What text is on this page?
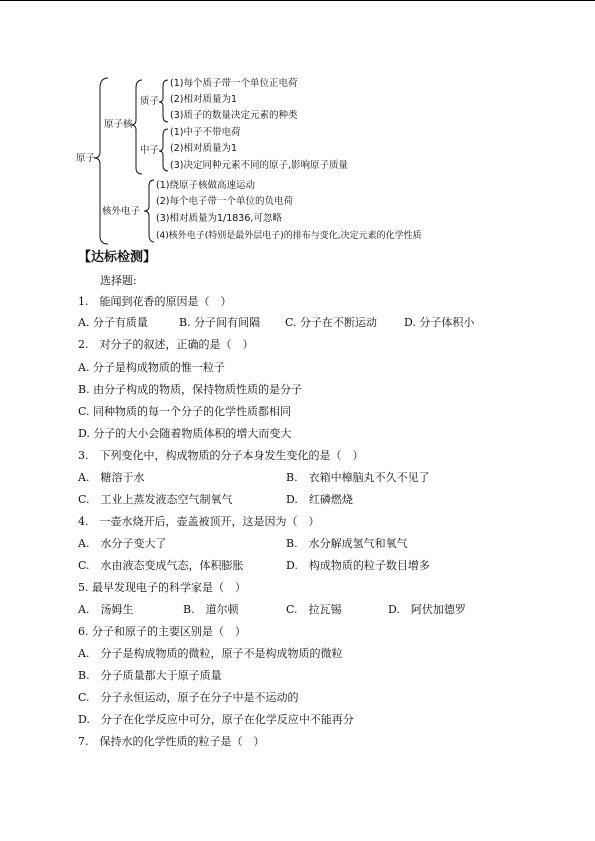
原子
原子核
质子
中子
核外电子
(1)每个质子带一个单位正电荷
(2)相对质量为1
(3)质子的数量决定元素的种类
(1)中子不带电荷
(2)相对质量为1
(3)决定同种元素不同的原子,影响原子质量
(1)绕原子核做高速运动
(2)每个电子带一个单位的负电荷
(3)相对质量为1/1836,可忽略
(4)核外电子(特别是最外层电子)的排布与变化,决定元素的化学性质
【达标检测】
选择题:
1.　能闻到花香的原因是（　）
A. 分子有质量	B. 分子间有间隔 C. 分子在不断运动 D. 分子体积小
2.　对分子的叙述，正确的是（　）
A. 分子是构成物质的惟一粒子
B. 由分子构成的物质，保持物质性质的是分子
C. 同种物质的每一个分子的化学性质都相同
D. 分子的大小会随着物质体积的增大而变大
3.　下列变化中，构成物质的分子本身发生变化的是（　）
A.　糖溶于水	B.　衣箱中樟脑丸不久不见了
C.　工业上蒸发液态空气制氧气	D.　红磷燃烧
4.　一壶水烧开后，壶盖被顶开，这是因为（　）
A.　水分子变大了	B.　水分解成氢气和氧气
C.　水由液态变成气态，体积膨胀	D.　构成物质的粒子数目增多
5. 最早发现电子的科学家是（　）
A.　汤姆生	B.　道尔顿	C.　拉瓦锡	D.　阿伏加德罗
6. 分子和原子的主要区别是（　）
A.　分子是构成物质的微粒，原子不是构成物质的微粒
B.　分子质量都大于原子质量
C.　分子永恒运动，原子在分子中是不运动的
D.　分子在化学反应中可分，原子在化学反应中不能再分
7.　保持水的化学性质的粒子是（　）
